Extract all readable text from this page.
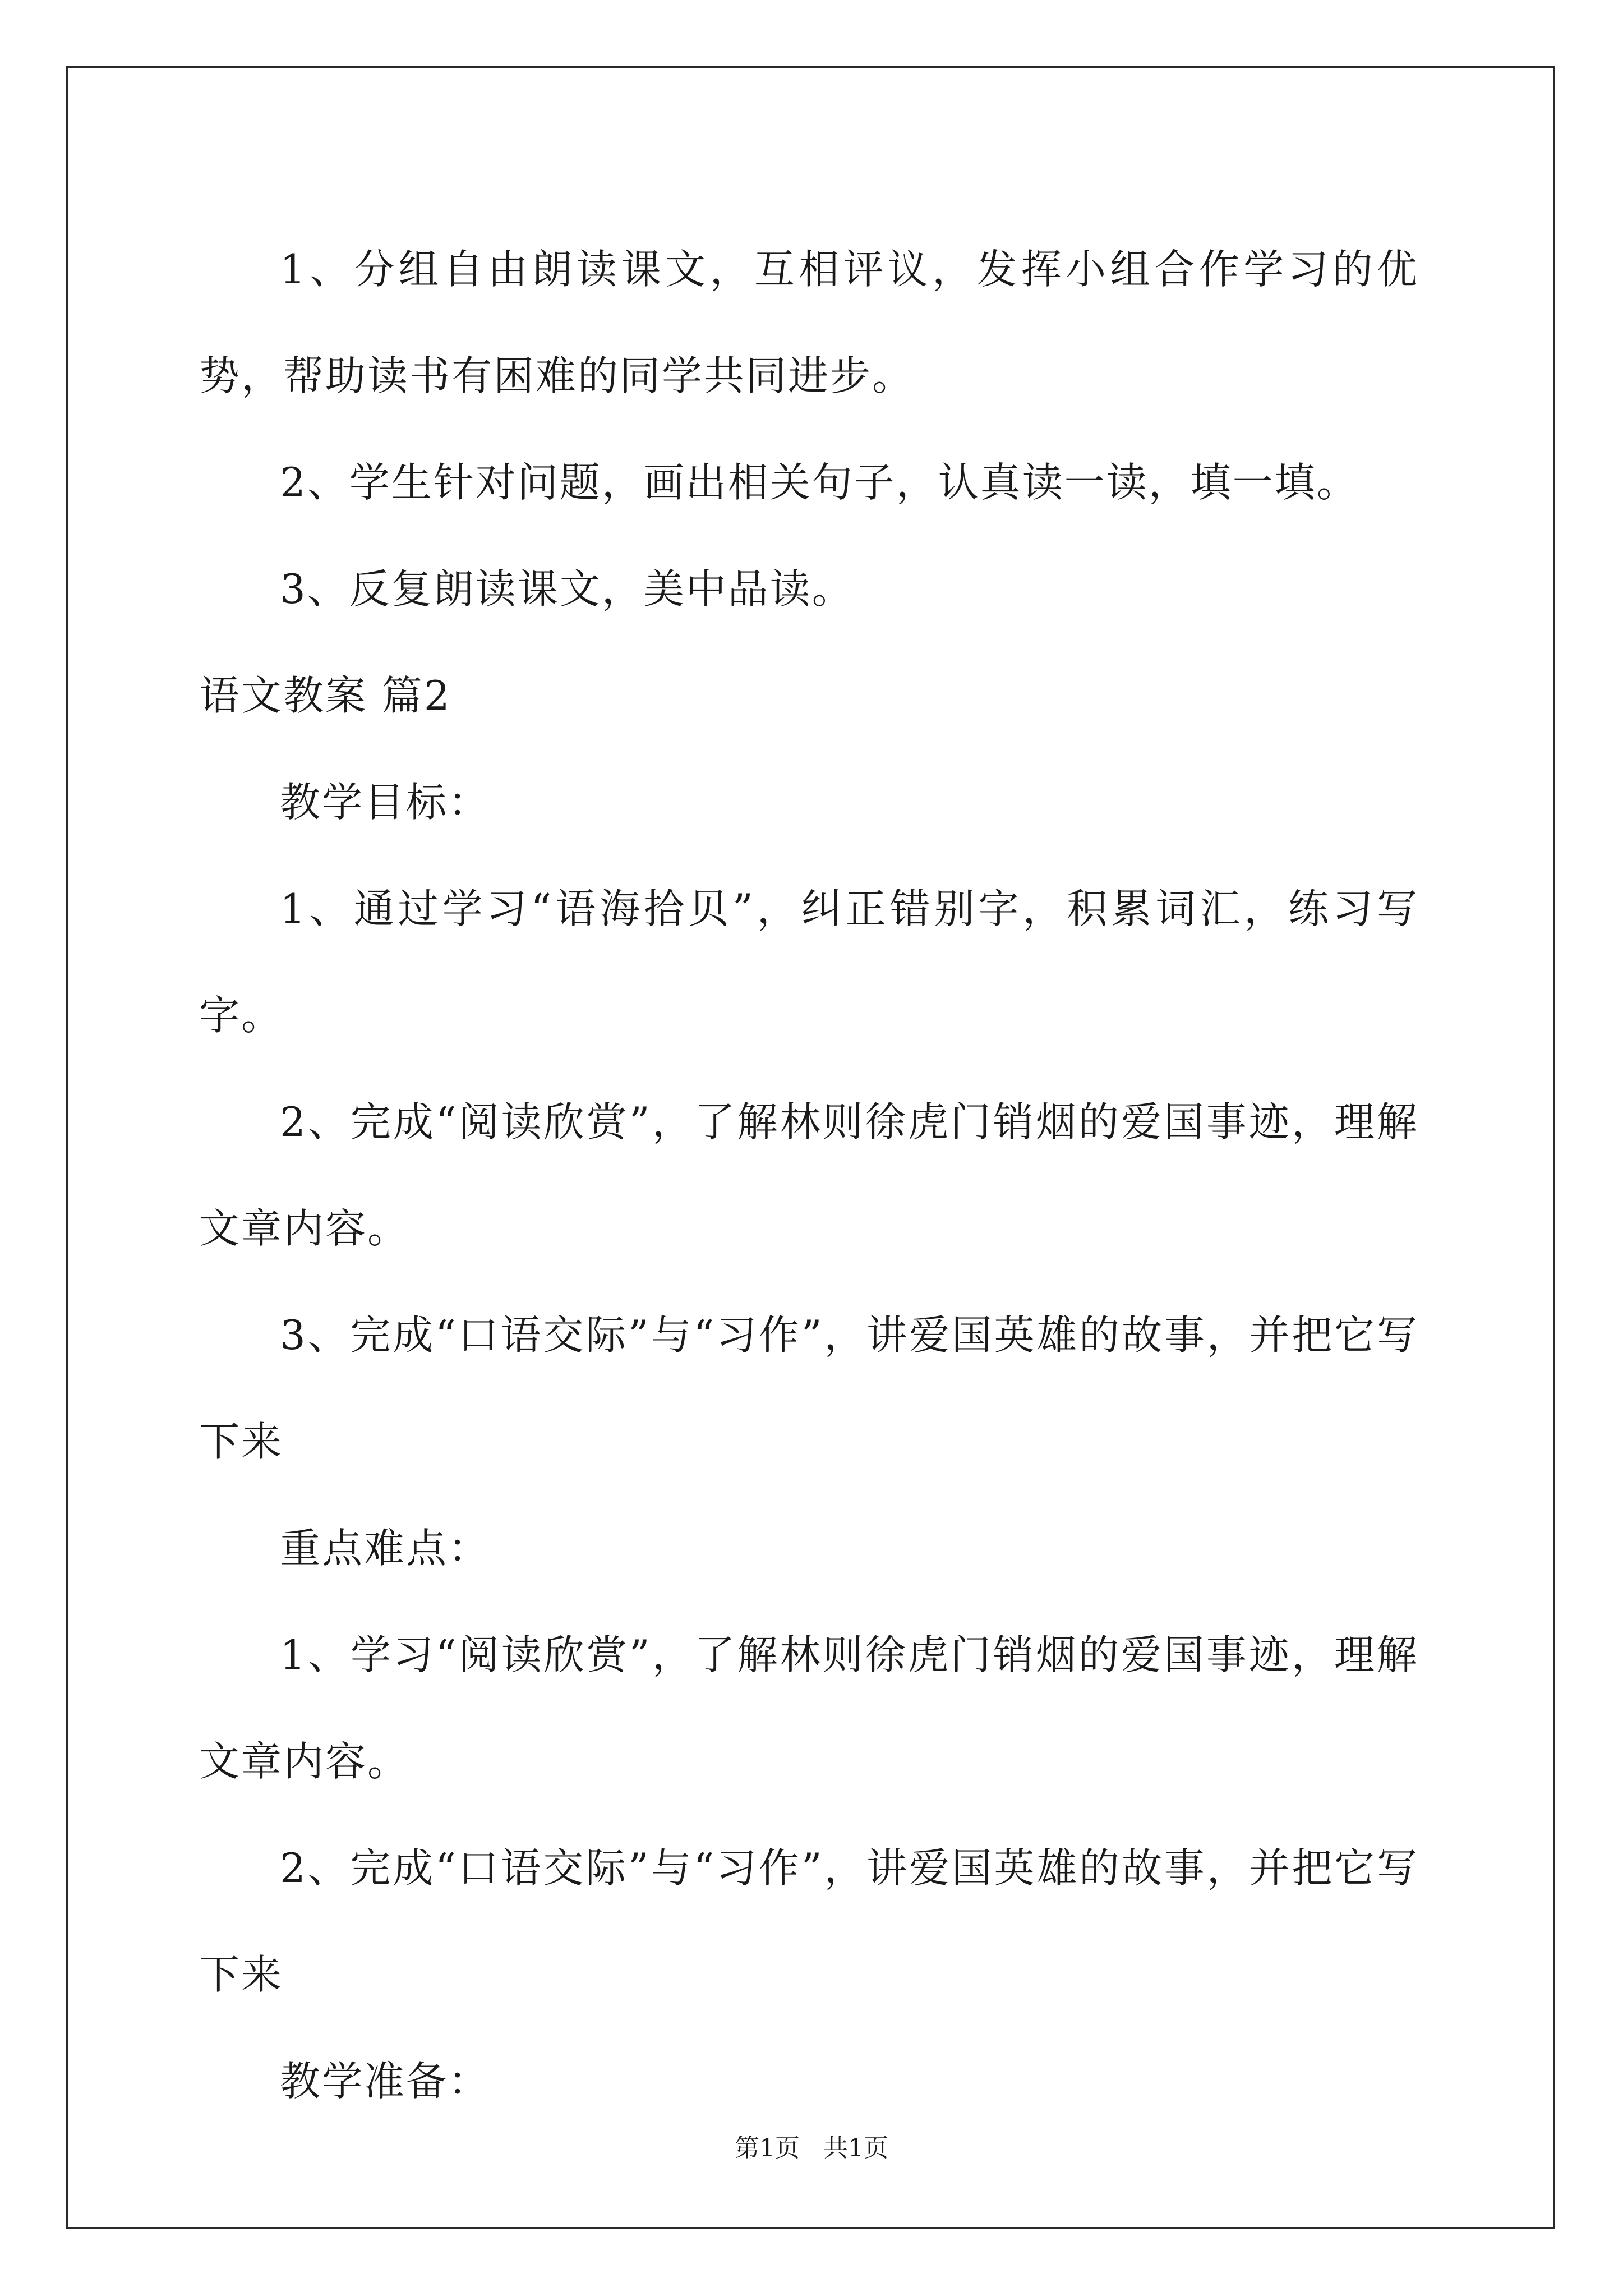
1、分组自由朗读课文，互相评议，发挥小组合作学习的优势，帮助读书有困难的同学共同进步。

2、学生针对问题，画出相关句子，认真读一读，填一填。

3、反复朗读课文，美中品读。

语文教案 篇2

教学目标：

1、通过学习“语海拾贝”，纠正错别字，积累词汇，练习写字。

2、完成“阅读欣赏”，了解林则徐虎门销烟的爱国事迹，理解文章内容。

3、完成“口语交际”与“习作”，讲爱国英雄的故事，并把它写下来

重点难点：

1、学习“阅读欣赏”，了解林则徐虎门销烟的爱国事迹，理解文章内容。

2、完成“口语交际”与“习作”，讲爱国英雄的故事，并把它写下来

教学准备：

第1页 共1页
